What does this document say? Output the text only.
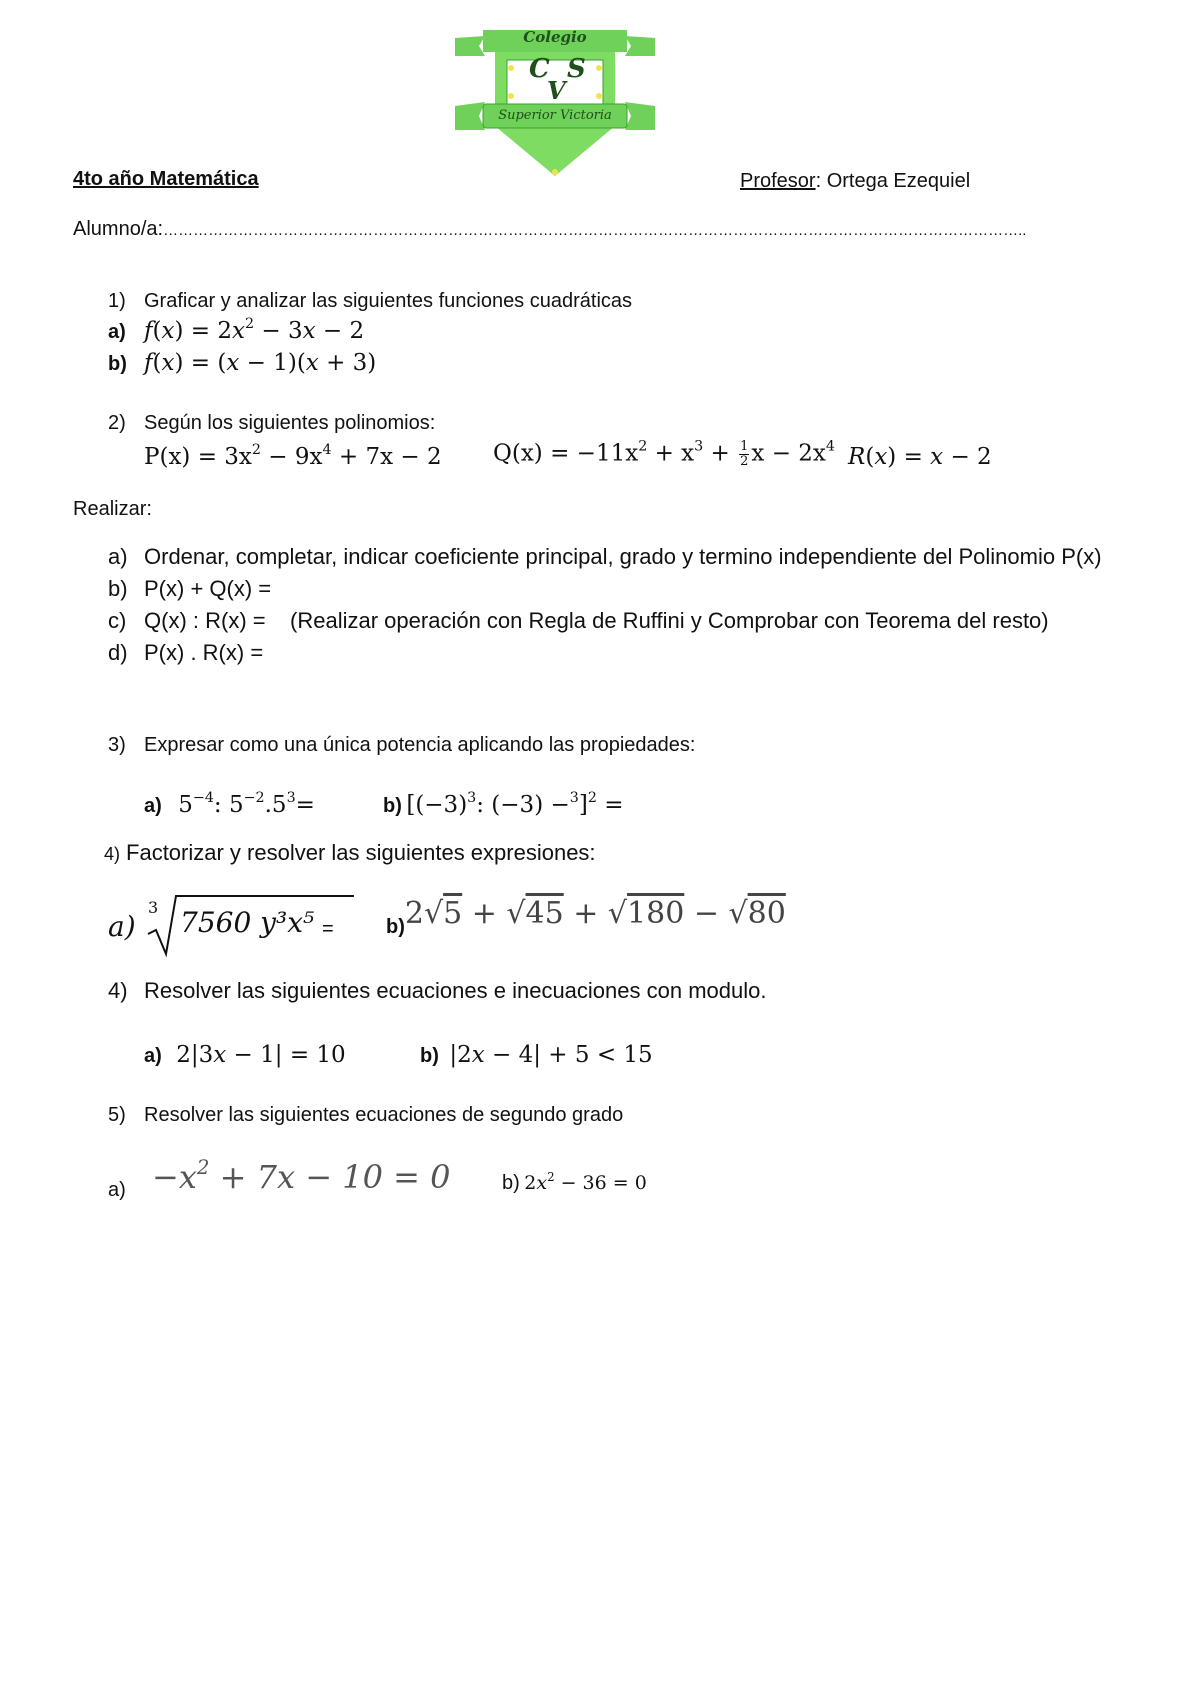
Colegio
C S
V
Superior Victoria
4to año Matemática	Profesor: Ortega Ezequiel
Alumno/a:………………………………………………………………………………………………………………………………………………………..
1) Graficar y analizar las siguientes funciones cuadráticas
a) $f(x) = 2x^2 - 3x - 2$
b) f(x) = (x − 1)(x + 3)
2) Según los siguientes polinomios:
$P(x) = 3x^2 - 9x^4 + 7x - 2$ $Q(x) = -11x^2 + x^3 + \frac{1}{2}$ $x - 2x^4$ R(x) = x − 2
Realizar:
a) Ordenar, completar, indicar coeficiente principal, grado y termino independiente del Polinomio P(x)
b) P(x) + Q(x) =
c) Q(x) : R(x) =    (Realizar operación con Regla de Ruffini y Comprobar con Teorema del resto)
d) P(x) . R(x) =
3) Expresar como una única potencia aplicando las propiedades:
a) $5^{-4}$: $5^{-2}.5^3=$	b) [$(-3)^3$: (−3) −$^3$]$^2$ =
4) Factorizar y resolver las siguientes expresiones:
a)
3 7560 y³x⁵ =	b)2√5 + √45 + √180 − √80
4) Resolver las siguientes ecuaciones e inecuaciones con modulo.
a) 2|3x − 1| = 10	b) |2x − 4| + 5 < 15
5) Resolver las siguientes ecuaciones de segundo grado
$a) -x^2 + 7x - 10 = 0$	b) $2x^2 - 36 = 0$
